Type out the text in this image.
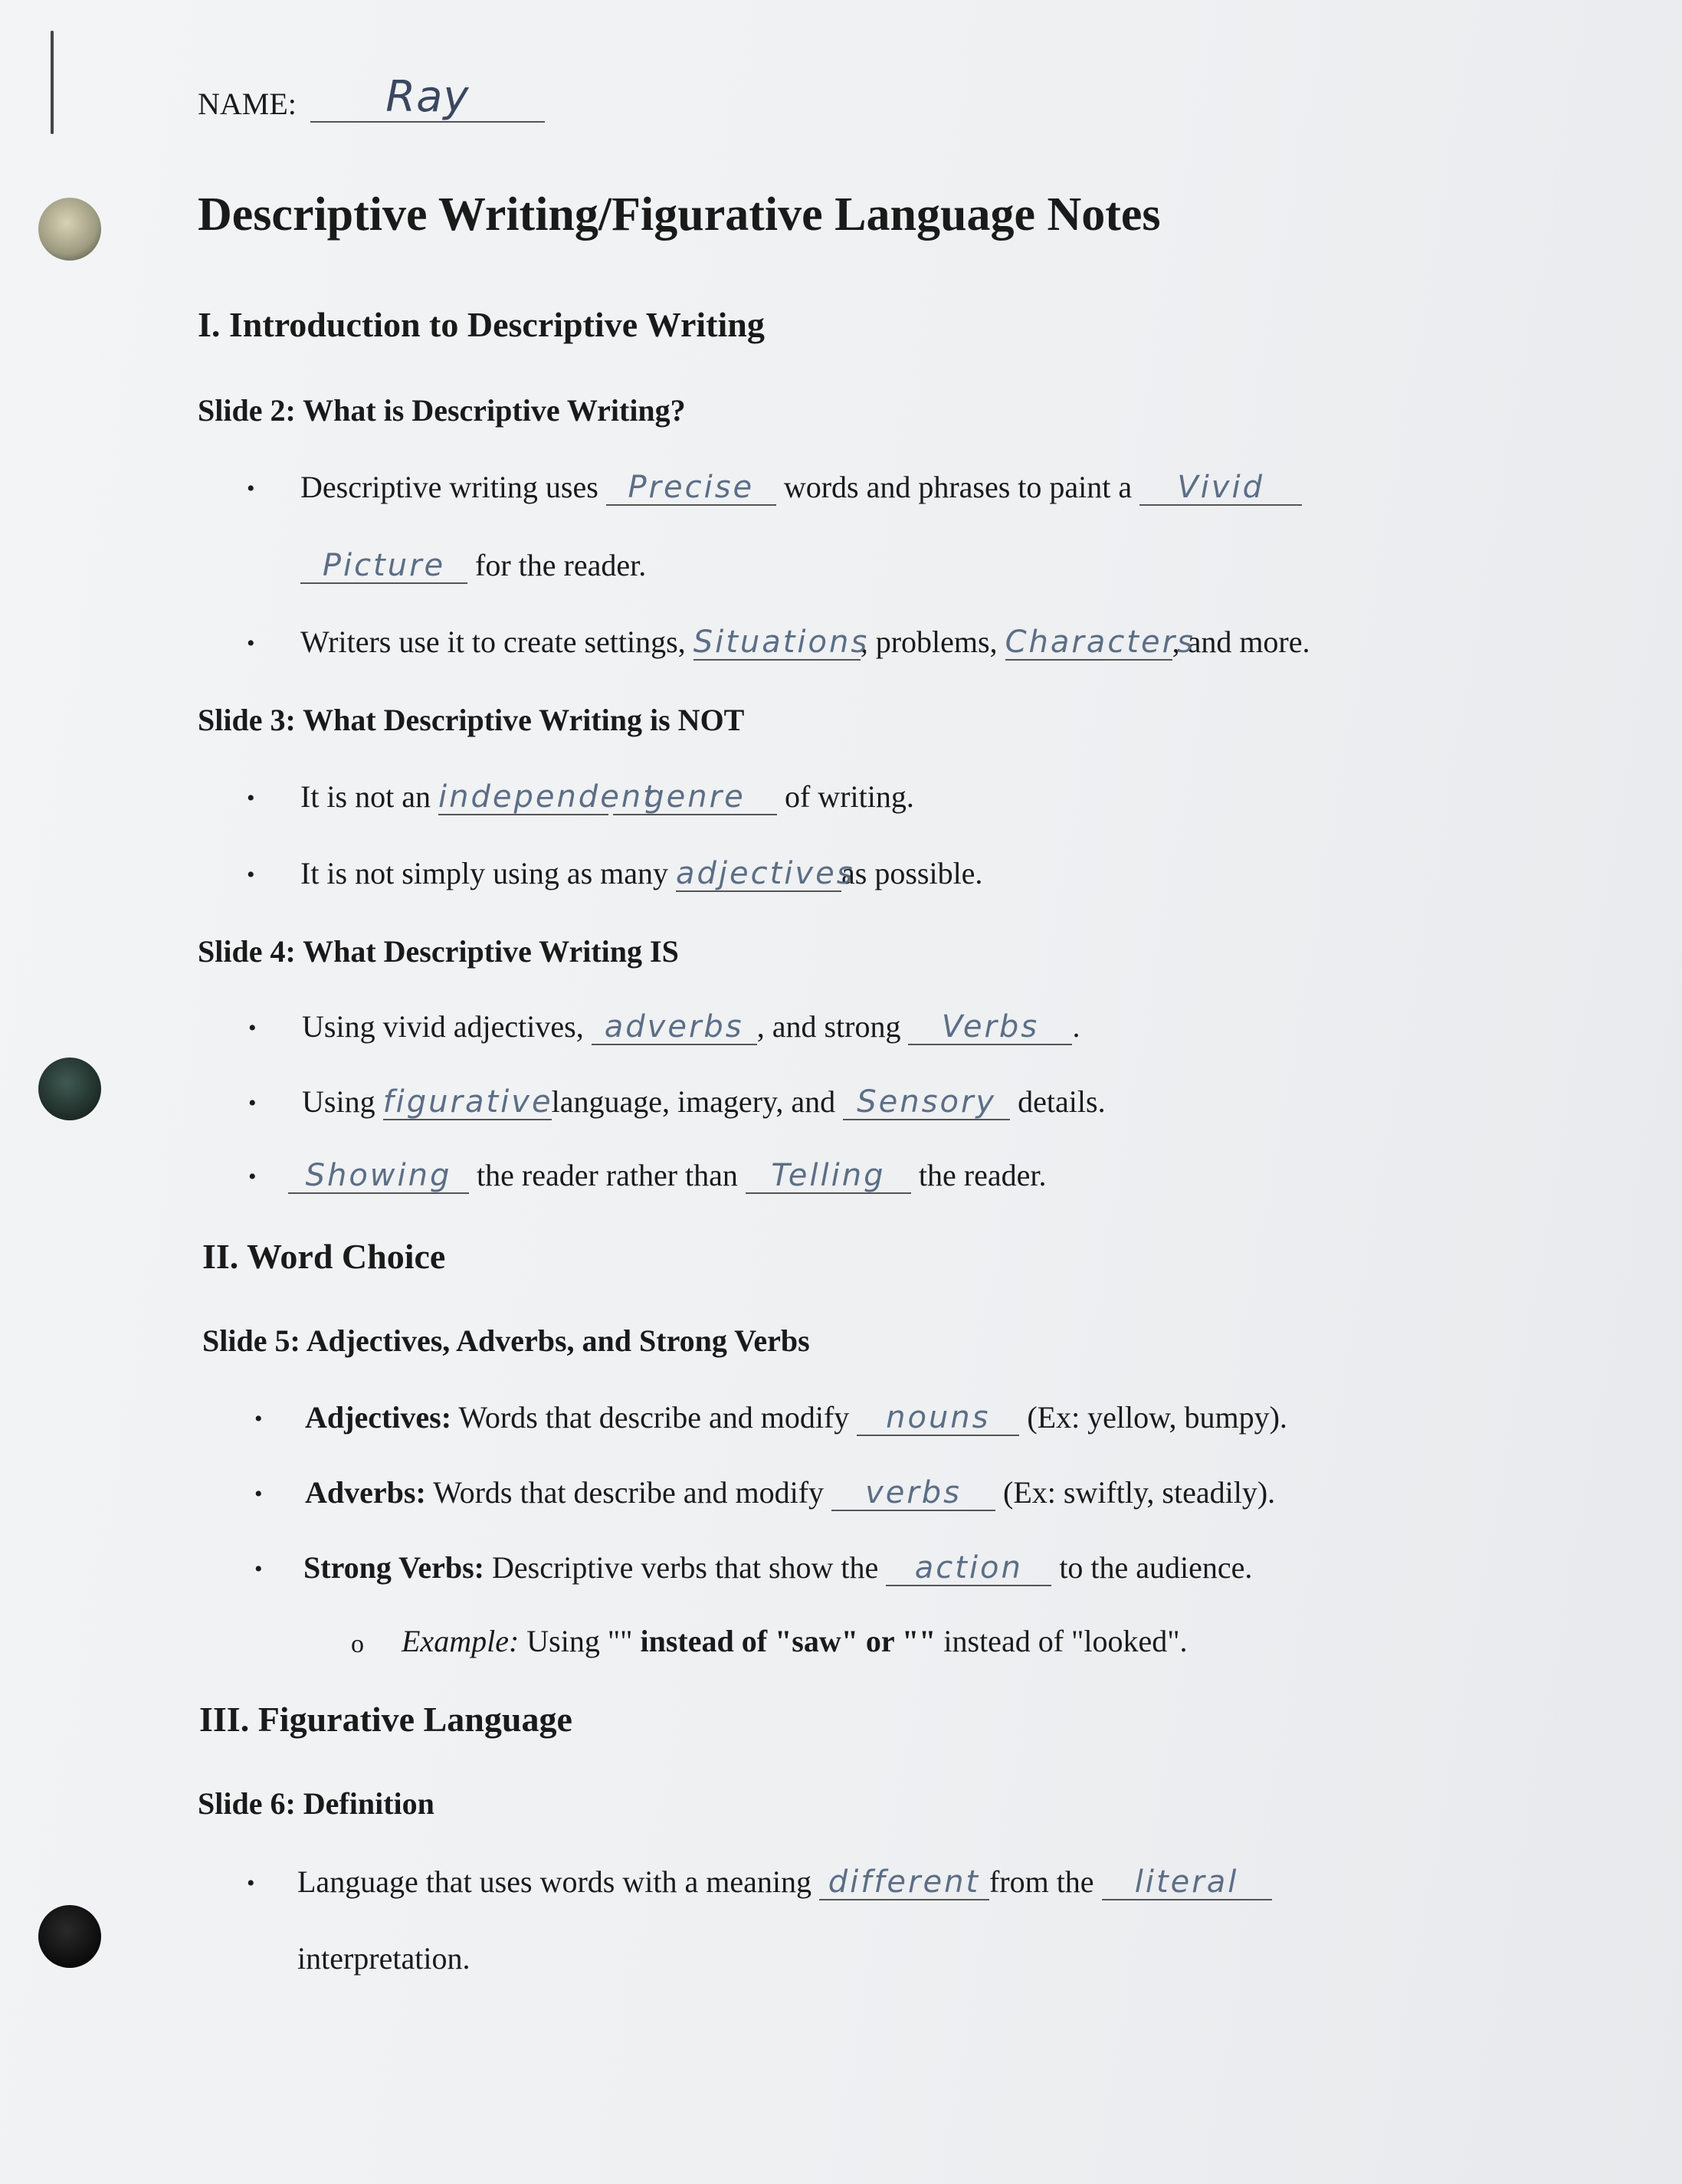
NAME: Ray
Descriptive Writing/Figurative Language Notes
I. Introduction to Descriptive Writing
Slide 2: What is Descriptive Writing?
• Descriptive writing uses Precise words and phrases to paint a Vivid
Picture for the reader.
• Writers use it to create settings, Situations, problems, Characters, and more.
Slide 3: What Descriptive Writing is NOT
• It is not an independentgenre of writing.
• It is not simply using as many adjectivesas possible.
Slide 4: What Descriptive Writing IS
• Using vivid adjectives, adverbs , and strong Verbs .
• Using figurativelanguage, imagery, and Sensory details.
•	Showing the reader rather than Telling the reader.
II. Word Choice
Slide 5: Adjectives, Adverbs, and Strong Verbs
• Adjectives: Words that describe and modify nouns (Ex: yellow, bumpy).
• Adverbs: Words that describe and modify verbs (Ex: swiftly, steadily).
• Strong Verbs: Descriptive verbs that show the action to the audience.
o Example: Using "" instead of "saw" or "" instead of "looked".
III. Figurative Language
Slide 6: Definition
• Language that uses words with a meaning different from the literal
interpretation.
